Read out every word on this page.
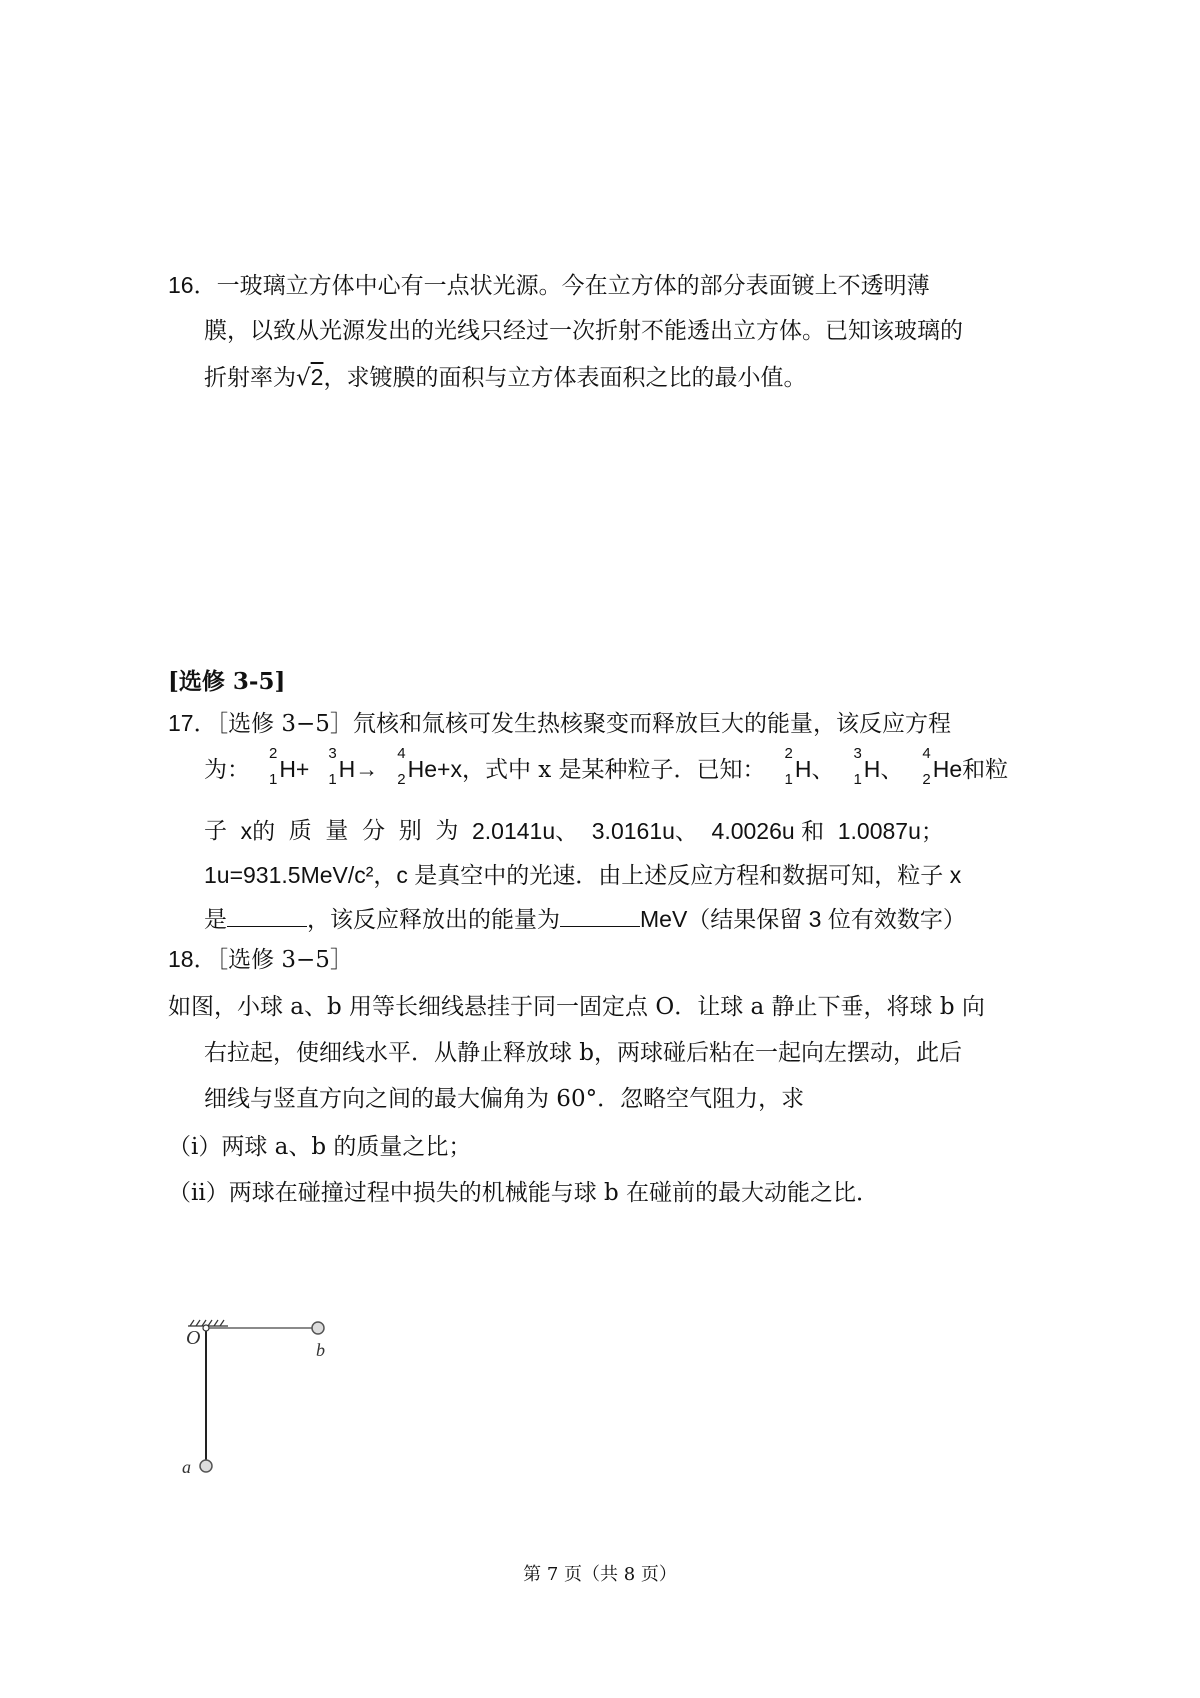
16．一玻璃立方体中心有一点状光源。今在立方体的部分表面镀上不透明薄
膜，以致从光源发出的光线只经过一次折射不能透出立方体。已知该玻璃的
折射率为√2，求镀膜的面积与立方体表面积之比的最小值。
[选修 3-5]
17．［选修 3−5］氘核和氚核可发生热核聚变而释放巨大的能量，该反应方程
为：
2
1 H+
3
1 H→
4
2 He+x，式中 x 是某种粒子．已知：
2
1 H、
3
1 H、
4
2 He和粒
子 x的 质 量 分 别 为 2.0141u、 3.0161u、 4.0026u 和 1.0087u；
1u=931.5MeV/c²，c 是真空中的光速．由上述反应方程和数据可知，粒子 x
是	，该反应释放出的能量为	MeV（结果保留 3 位有效数字）
18．［选修 3−5］
如图，小球 a、b 用等长细线悬挂于同一固定点 O．让球 a 静止下垂，将球 b 向
右拉起，使细线水平．从静止释放球 b，两球碰后粘在一起向左摆动，此后
细线与竖直方向之间的最大偏角为 60°．忽略空气阻力，求
（i）两球 a、b 的质量之比；
（ii）两球在碰撞过程中损失的机械能与球 b 在碰前的最大动能之比．
O
b
a
第 7 页（共 8 页）
